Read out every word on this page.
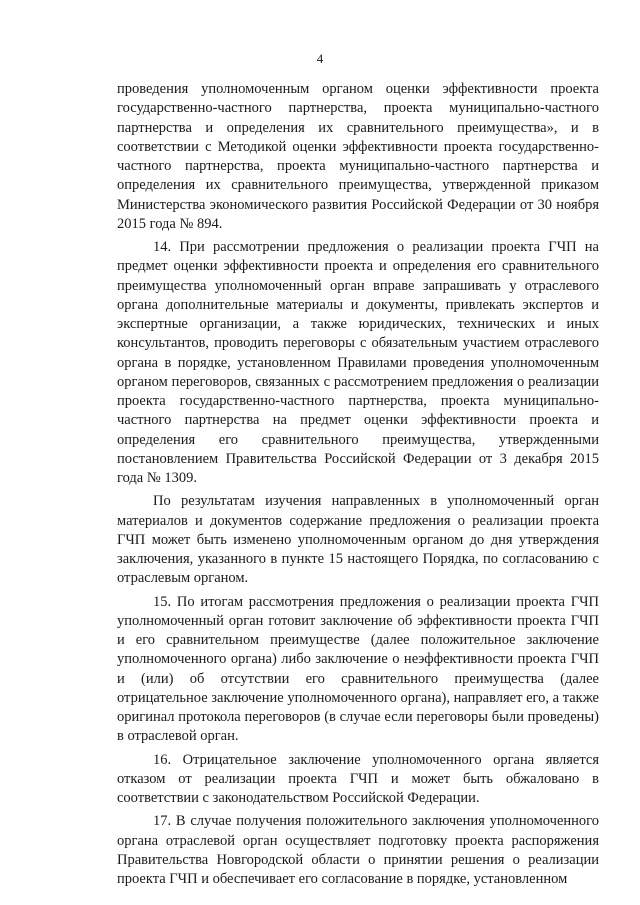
4

проведения уполномоченным органом оценки эффективности проекта государственно-частного партнерства, проекта муниципально-частного партнерства и определения их сравнительного преимущества», и в соответствии с Методикой оценки эффективности проекта государственно-частного партнерства, проекта муниципально-частного партнерства и определения их сравнительного преимущества, утвержденной приказом Министерства экономического развития Российской Федерации от 30 ноября 2015 года № 894.

14. При рассмотрении предложения о реализации проекта ГЧП на предмет оценки эффективности проекта и определения его сравнительного преимущества уполномоченный орган вправе запрашивать у отраслевого органа дополнительные материалы и документы, привлекать экспертов и экспертные организации, а также юридических, технических и иных консультантов, проводить переговоры с обязательным участием отраслевого органа в порядке, установленном Правилами проведения уполномоченным органом переговоров, связанных с рассмотрением предложения о реализации проекта государственно-частного партнерства, проекта муниципально-частного партнерства на предмет оценки эффективности проекта и определения его сравнительного преимущества, утвержденными постановлением Правительства Российской Федерации от 3 декабря 2015 года № 1309.

По результатам изучения направленных в уполномоченный орган материалов и документов содержание предложения о реализации проекта ГЧП может быть изменено уполномоченным органом до дня утверждения заключения, указанного в пункте 15 настоящего Порядка, по согласованию с отраслевым органом.

15. По итогам рассмотрения предложения о реализации проекта ГЧП уполномоченный орган готовит заключение об эффективности проекта ГЧП и его сравнительном преимуществе (далее положительное заключение уполномоченного органа) либо заключение о неэффективности проекта ГЧП и (или) об отсутствии его сравнительного преимущества (далее отрицательное заключение уполномоченного органа), направляет его, а также оригинал протокола переговоров (в случае если переговоры были проведены) в отраслевой орган.

16. Отрицательное заключение уполномоченного органа является отказом от реализации проекта ГЧП и может быть обжаловано в соответствии с законодательством Российской Федерации.

17. В случае получения положительного заключения уполномоченного органа отраслевой орган осуществляет подготовку проекта распоряжения Правительства Новгородской области о принятии решения о реализации проекта ГЧП и обеспечивает его согласование в порядке, установленном
